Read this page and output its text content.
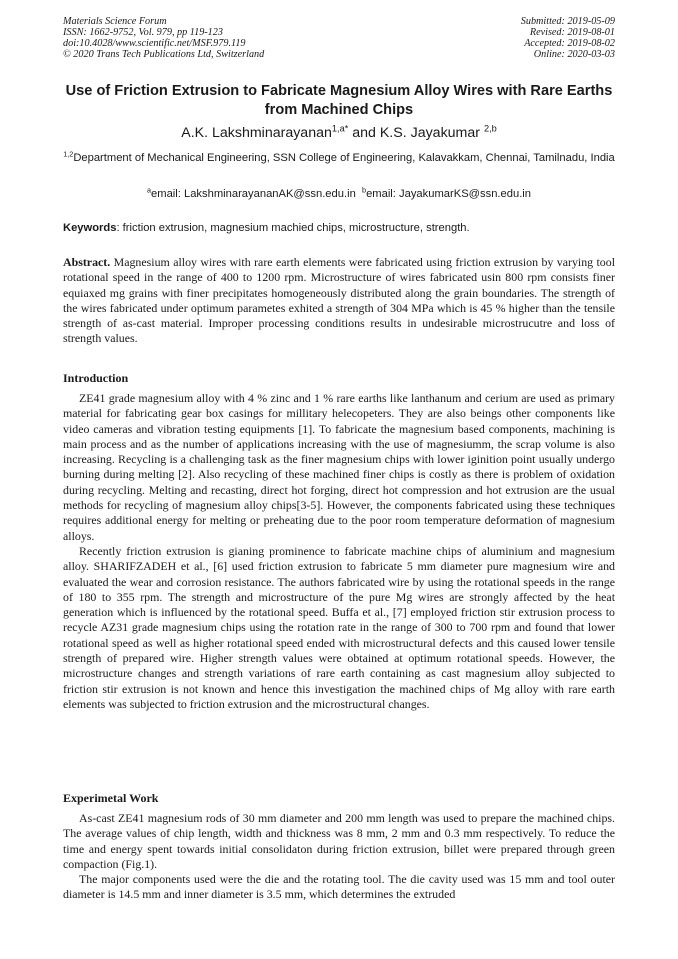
Materials Science Forum
ISSN: 1662-9752, Vol. 979, pp 119-123
doi:10.4028/www.scientific.net/MSF.979.119
© 2020 Trans Tech Publications Ltd, Switzerland
Submitted: 2019-05-09
Revised: 2019-08-01
Accepted: 2019-08-02
Online: 2020-03-03
Use of Friction Extrusion to Fabricate Magnesium Alloy Wires with Rare Earths from Machined Chips
A.K. Lakshminarayanan$^{1,a*}$ and K.S. Jayakumar $^{2,b}$
$^{1,2}$Department of Mechanical Engineering, SSN College of Engineering, Kalavakkam, Chennai, Tamilnadu, India
$^a$email: LakshminarayananAK@ssn.edu.in $^b$email: JayakumarKS@ssn.edu.in
Keywords: friction extrusion, magnesium machied chips, microstructure, strength.

Abstract. Magnesium alloy wires with rare earth elements were fabricated using friction extrusion by varying tool rotational speed in the range of 400 to 1200 rpm. Microstructure of wires fabricated usin 800 rpm consists finer equiaxed mg grains with finer precipitates homogeneously distributed along the grain boundaries. The strength of the wires fabricated under optimum parametes exhited a strength of 304 MPa which is 45 % higher than the tensile strength of as-cast material. Improper processing conditions results in undesirable microstrucutre and loss of strength values.

Introduction

ZE41 grade magnesium alloy with 4 % zinc and 1 % rare earths like lanthanum and cerium are used as primary material for fabricating gear box casings for millitary helecopeters. They are also beings other components like video cameras and vibration testing equipments [1]. To fabricate the magnesium based components, machining is main process and as the number of applications increasing with the use of magnesiumm, the scrap volume is also increasing. Recycling is a challenging task as the finer magnesium chips with lower iginition point usually undergo burning during melting [2]. Also recycling of these machined finer chips is costly as there is problem of oxidation during recycling. Melting and recasting, direct hot forging, direct hot compression and hot extrusion are the usual methods for recycling of magnesium alloy chips[3-5]. However, the components fabricated using these techniques requires additional energy for melting or preheating due to the poor room temperature deformation of magnesium alloys.

Recently friction extrusion is gianing prominence to fabricate machine chips of aluminium and magnesium alloy. SHARIFZADEH et al., [6] used friction extrusion to fabricate 5 mm diameter pure magnesium wire and evaluated the wear and corrosion resistance. The authors fabricated wire by using the rotational speeds in the range of 180 to 355 rpm. The strength and microstructure of the pure Mg wires are strongly affected by the heat generation which is influenced by the rotational speed. Buffa et al., [7] employed friction stir extrusion process to recycle AZ31 grade magnesium chips using the rotation rate in the range of 300 to 700 rpm and found that lower rotational speed as well as higher rotational speed ended with microstructural defects and this caused lower tensile strength of prepared wire. Higher strength values were obtained at optimum rotational speeds. However, the microstructure changes and strength variations of rare earth containing as cast magnesium alloy subjected to friction stir extrusion is not known and hence this investigation the machined chips of Mg alloy with rare earth elements was subjected to friction extrusion and the microstructural changes.

Experimetal Work

As-cast ZE41 magnesium rods of 30 mm diameter and 200 mm length was used to prepare the machined chips. The average values of chip length, width and thickness was 8 mm, 2 mm and 0.3 mm respectively. To reduce the time and energy spent towards initial consolidaton during friction extrusion, billet were prepared through green compaction (Fig.1).

The major components used were the die and the rotating tool. The die cavity used was 15 mm and tool outer diameter is 14.5 mm and inner diameter is 3.5 mm, which determines the extruded
